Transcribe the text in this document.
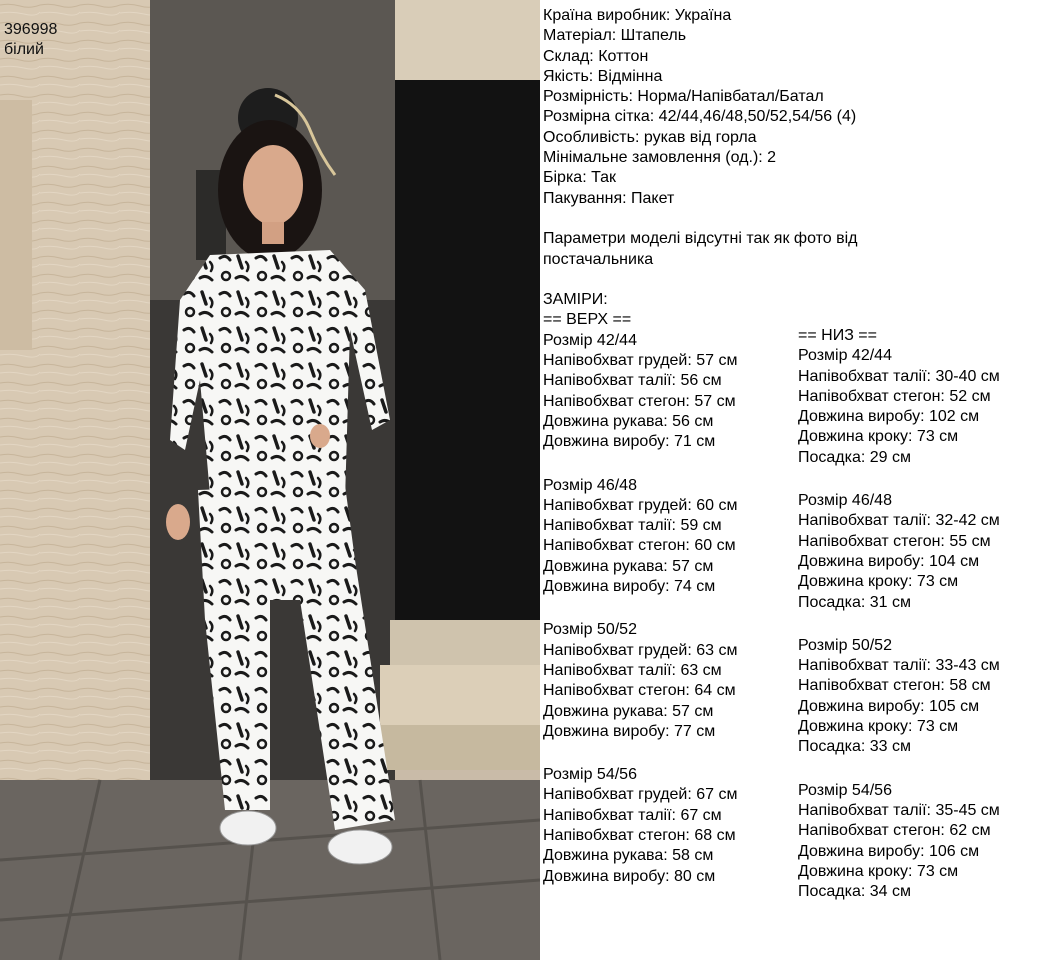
396998
білий
Країна виробник: Україна
Матеріал: Штапель
Склад: Коттон
Якість: Відмінна
Розмірність: Норма/Напівбатал/Батал
Розмірна сітка: 42/44,46/48,50/52,54/56 (4)
Особливість: рукав від горла
Мінімальне замовлення (од.): 2
Бірка: Так
Пакування: Пакет
Параметри моделі відсутні так як фото від
постачальника
ЗАМІРИ:
== ВЕРХ ==
Розмір 42/44
Напівобхват грудей: 57 см
Напівобхват талії: 56 см
Напівобхват стегон: 57 см
Довжина рукава: 56 см
Довжина виробу: 71 см
Розмір 46/48
Напівобхват грудей: 60 см
Напівобхват талії: 59 см
Напівобхват стегон: 60 см
Довжина рукава: 57 см
Довжина виробу: 74 см
Розмір 50/52
Напівобхват грудей: 63 см
Напівобхват талії: 63 см
Напівобхват стегон: 64 см
Довжина рукава: 57 см
Довжина виробу: 77 см
Розмір 54/56
Напівобхват грудей: 67 см
Напівобхват талії: 67 см
Напівобхват стегон: 68 см
Довжина рукава: 58 см
Довжина виробу: 80 см
== НИЗ ==
Розмір 42/44
Напівобхват талії: 30-40 см
Напівобхват стегон: 52 см
Довжина виробу: 102 см
Довжина кроку: 73 см
Посадка: 29 см
Розмір 46/48
Напівобхват талії: 32-42 см
Напівобхват стегон: 55 см
Довжина виробу: 104 см
Довжина кроку: 73 см
Посадка: 31 см
Розмір 50/52
Напівобхват талії: 33-43 см
Напівобхват стегон: 58 см
Довжина виробу: 105 см
Довжина кроку: 73 см
Посадка: 33 см
Розмір 54/56
Напівобхват талії: 35-45 см
Напівобхват стегон: 62 см
Довжина виробу: 106 см
Довжина кроку: 73 см
Посадка: 34 см
